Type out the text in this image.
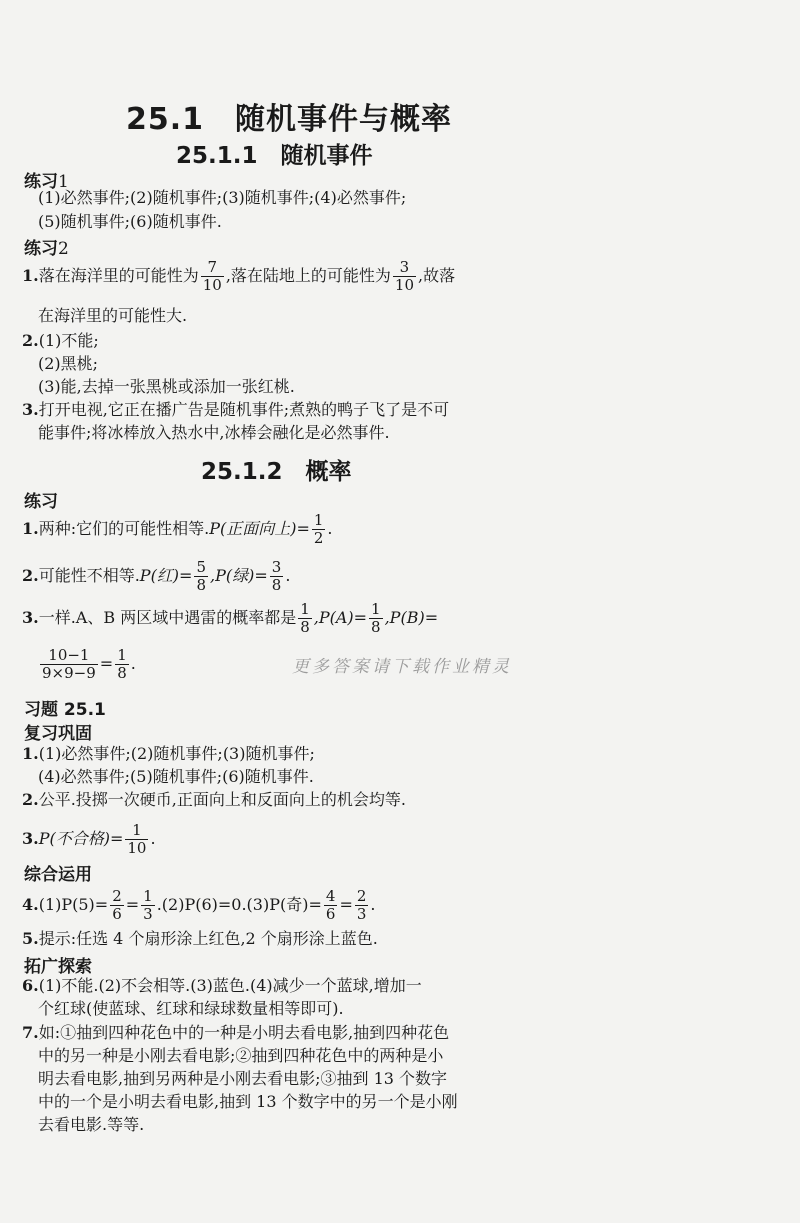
25.1　随机事件与概率
25.1.1　随机事件
练习1
(1)必然事件;(2)随机事件;(3)随机事件;(4)必然事件;
(5)随机事件;(6)随机事件.
练习2
1.落在海洋里的可能性为 $\frac{7}{10}$ ,落在陆地上的可能性为 $\frac{3}{10}$ ,故落
在海洋里的可能性大.
2.(1)不能;
(2)黑桃;
(3)能,去掉一张黑桃或添加一张红桃.
3.打开电视,它正在播广告是随机事件;煮熟的鸭子飞了是不可
能事件;将冰棒放入热水中,冰棒会融化是必然事件.
25.1.2　概率
练习
1.两种:它们的可能性相等.P(正面向上)= $\frac{1}{2}$ .
2.可能性不相等.P(红)= $\frac{5}{8} ,P$(绿)= $\frac{3}{8}$ .
3.一样.A、B 两区域中遇雷的概率都是 $\frac{1}{8} ,P(A)= \frac{1}{8} ,P(B)=$
$\frac{10-1}{9\times 9-9} = \frac{1}{8}$ .	更多答案请下载作业精灵
习题 25.1
复习巩固
1.(1)必然事件;(2)随机事件;(3)随机事件;
(4)必然事件;(5)随机事件;(6)随机事件.
2.公平.投掷一次硬币,正面向上和反面向上的机会均等.
3.P(不合格)= $\frac{1}{10}$ .
综合运用
$4.(1)P(5)= \frac{2}{6} = \frac{1}{3} .(2)P(6)=0.(3)P$(奇)= $\frac{4}{6} = \frac{2}{3}$ .
5.提示:任选 4 个扇形涂上红色,2 个扇形涂上蓝色.
拓广探索
6.(1)不能.(2)不会相等.(3)蓝色.(4)减少一个蓝球,增加一
个红球(使蓝球、红球和绿球数量相等即可).
7.如:①抽到四种花色中的一种是小明去看电影,抽到四种花色
中的另一种是小刚去看电影;②抽到四种花色中的两种是小
明去看电影,抽到另两种是小刚去看电影;③抽到 13 个数字
中的一个是小明去看电影,抽到 13 个数字中的另一个是小刚
去看电影.等等.
